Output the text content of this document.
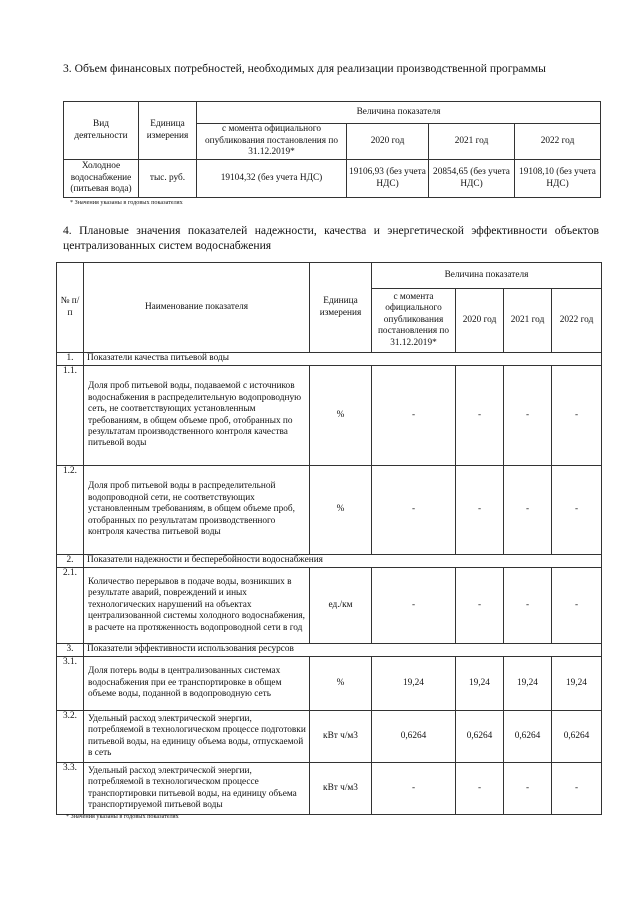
3. Объем финансовых потребностей, необходимых для реализации производственной программы
Вид деятельности	Единица измерения	Величина показателя			
		с момента официального опубликования постановления по 31.12.2019*	2020 год	2021 год	2022 год
Холодное водоснабжение (питьевая вода)	тыс. руб.	19104,32 (без учета НДС)	19106,93 (без учета НДС)	20854,65 (без учета НДС)	19108,10 (без учета НДС)
* Значения указаны в годовых показателях
4. Плановые значения показателей надежности, качества и энергетической эффективности объектов централизованных систем водоснабжения
№ п/п	Наименование показателя	Единица измерения	Величина показателя			
			с момента официального опубликования постановления по 31.12.2019*	2020 год	2021 год	2022 год
1.	Показатели качества питьевой воды					
1.1.	Доля проб питьевой воды, подаваемой с источников водоснабжения в распределительную водопроводную сеть, не соответствующих установленным требованиям, в общем объеме проб, отобранных по результатам производственного контроля качества питьевой воды	%	-	-	-	-
1.2.	Доля проб питьевой воды в распределительной водопроводной сети, не соответствующих установленным требованиям, в общем объеме проб, отобранных по результатам производственного контроля качества питьевой воды	%	-	-	-	-
2.	Показатели надежности и бесперебойности водоснабжения					
2.1.	Количество перерывов в подаче воды, возникших в результате аварий, повреждений и иных технологических нарушений на объектах централизованной системы холодного водоснабжения, в расчете на протяженность водопроводной сети в год	ед./км	-	-	-	-
3.	Показатели эффективности использования ресурсов					
3.1.	Доля потерь воды в централизованных системах водоснабжения при ее транспортировке в общем объеме воды, поданной в водопроводную сеть	%	19,24	19,24	19,24	19,24
3.2.	Удельный расход электрической энергии, потребляемой в технологическом процессе подготовки питьевой воды, на единицу объема воды, отпускаемой в сеть	кВт ч/м3	0,6264	0,6264	0,6264	0,6264
3.3.	Удельный расход электрической энергии, потребляемой в технологическом процессе транспортировки питьевой воды, на единицу объема транспортируемой питьевой воды	кВт ч/м3	-	-	-	-
* Значения указаны в годовых показателях
